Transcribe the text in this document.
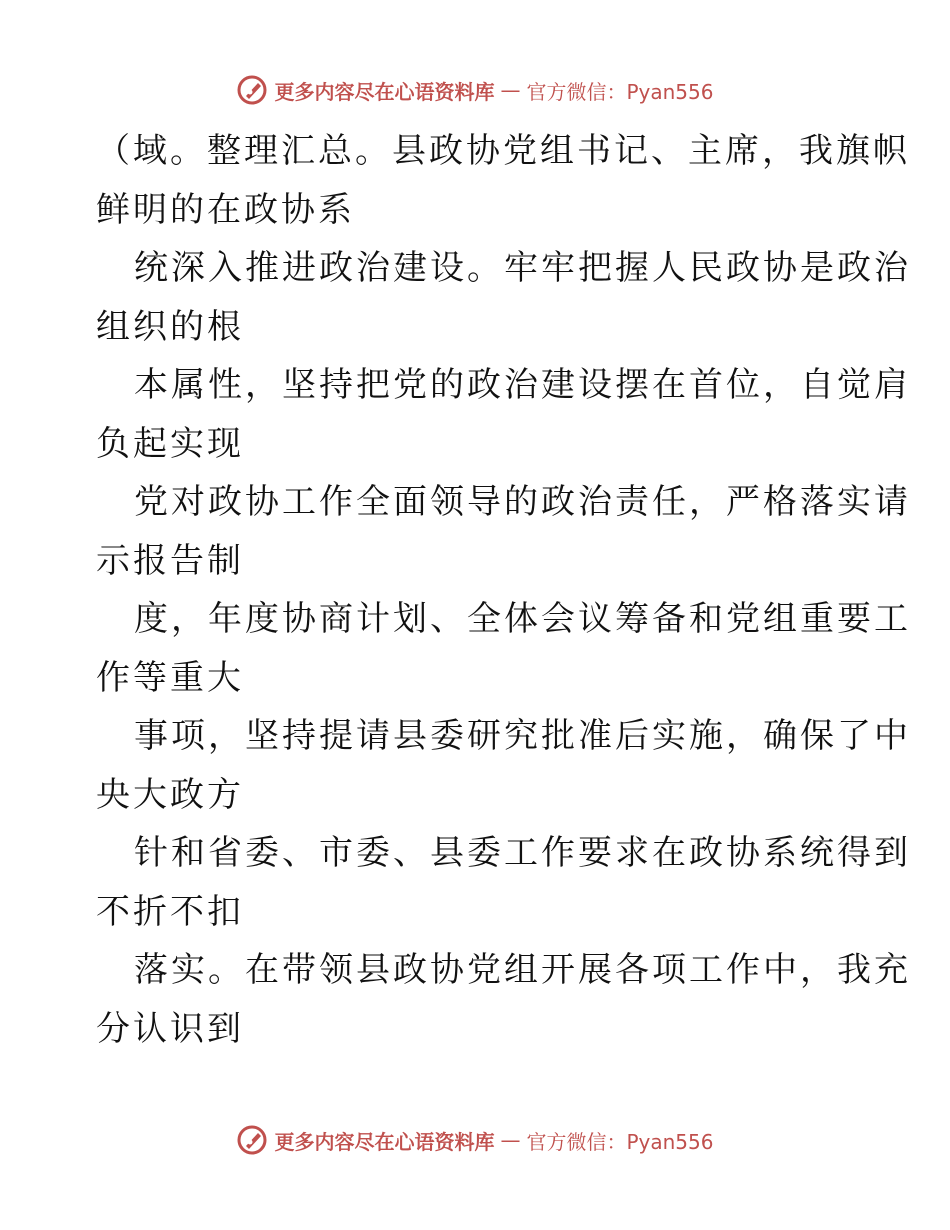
更多内容尽在心语资料库 — 官方微信：Pyan556
（域。整理汇总。县政协党组书记、主席，我旗帜
鲜明的在政协系
统深入推进政治建设。牢牢把握人民政协是政治
组织的根
本属性，坚持把党的政治建设摆在首位，自觉肩
负起实现
党对政协工作全面领导的政治责任，严格落实请
示报告制
度，年度协商计划、全体会议筹备和党组重要工
作等重大
事项，坚持提请县委研究批准后实施，确保了中
央大政方
针和省委、市委、县委工作要求在政协系统得到
不折不扣
落实。在带领县政协党组开展各项工作中，我充
分认识到
更多内容尽在心语资料库 — 官方微信：Pyan556
